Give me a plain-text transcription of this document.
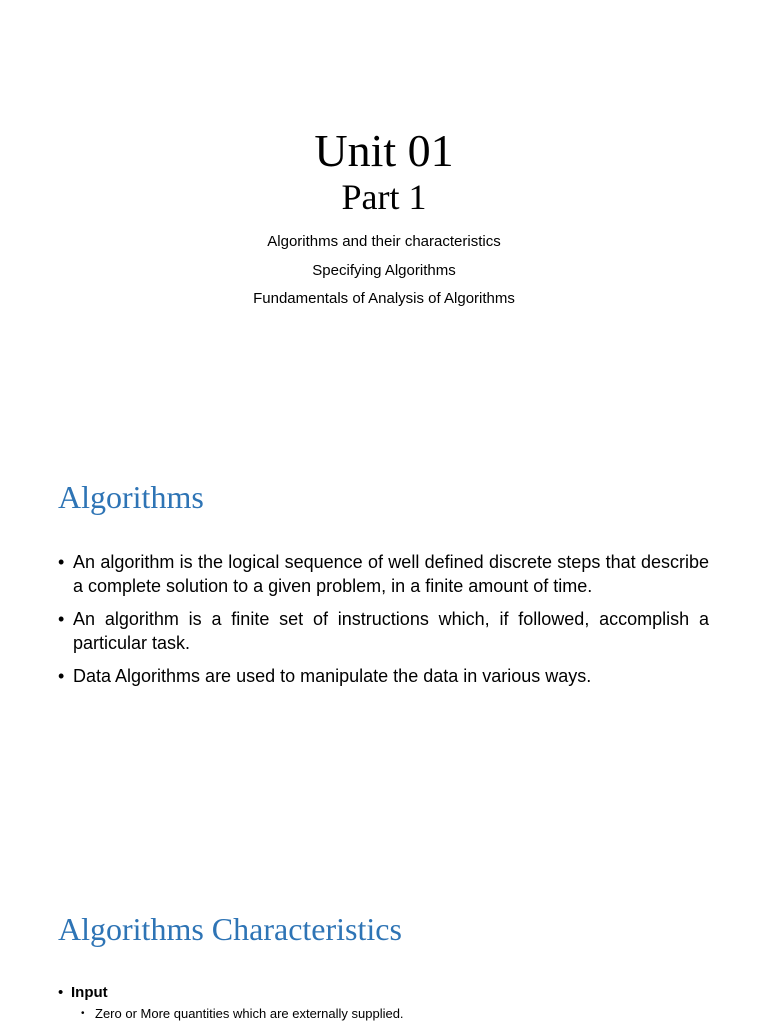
Unit 01
Part 1
Algorithms and their characteristics
Specifying Algorithms
Fundamentals of Analysis of Algorithms
Algorithms
• An algorithm is the logical sequence of well defined discrete steps that describe a complete solution to a given problem, in a finite amount of time.
• An algorithm is a finite set of instructions which, if followed, accomplish a particular task.
• Data Algorithms are used to manipulate the data in various ways.
Algorithms Characteristics
• Input
• Zero or More quantities which are externally supplied.
